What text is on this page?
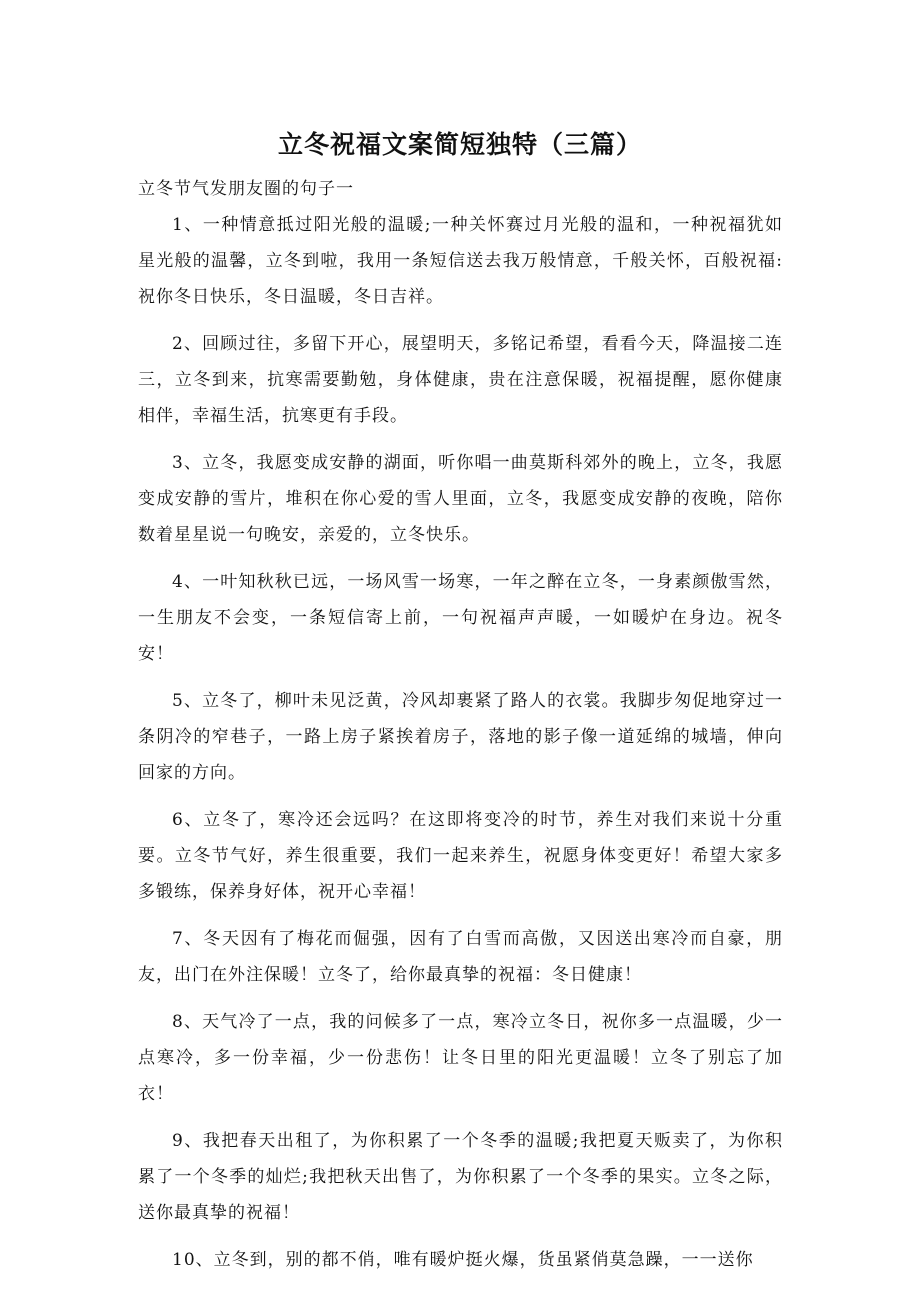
立冬祝福文案简短独特（三篇）

立冬节气发朋友圈的句子一

1、一种情意抵过阳光般的温暖;一种关怀赛过月光般的温和，一种祝福犹如星光般的温馨，立冬到啦，我用一条短信送去我万般情意，千般关怀，百般祝福:祝你冬日快乐，冬日温暖，冬日吉祥。

2、回顾过往，多留下开心，展望明天，多铭记希望，看看今天，降温接二连三，立冬到来，抗寒需要勤勉，身体健康，贵在注意保暖，祝福提醒，愿你健康相伴，幸福生活，抗寒更有手段。

3、立冬，我愿变成安静的湖面，听你唱一曲莫斯科郊外的晚上，立冬，我愿变成安静的雪片，堆积在你心爱的雪人里面，立冬，我愿变成安静的夜晚，陪你数着星星说一句晚安，亲爱的，立冬快乐。

4、一叶知秋秋已远，一场风雪一场寒，一年之醉在立冬，一身素颜傲雪然，一生朋友不会变，一条短信寄上前，一句祝福声声暖，一如暖炉在身边。祝冬安！

5、立冬了，柳叶未见泛黄，冷风却裹紧了路人的衣裳。我脚步匆促地穿过一条阴冷的窄巷子，一路上房子紧挨着房子，落地的影子像一道延绵的城墙，伸向回家的方向。

6、立冬了，寒冷还会远吗？在这即将变冷的时节，养生对我们来说十分重要。立冬节气好，养生很重要，我们一起来养生，祝愿身体变更好！希望大家多多锻练，保养身好体，祝开心幸福！

7、冬天因有了梅花而倔强，因有了白雪而高傲，又因送出寒冷而自豪，朋友，出门在外注保暖！立冬了，给你最真挚的祝福：冬日健康！

8、天气冷了一点，我的问候多了一点，寒冷立冬日，祝你多一点温暖，少一点寒冷，多一份幸福，少一份悲伤！让冬日里的阳光更温暖！立冬了别忘了加衣！

9、我把春天出租了，为你积累了一个冬季的温暖;我把夏天贩卖了，为你积累了一个冬季的灿烂;我把秋天出售了，为你积累了一个冬季的果实。立冬之际，送你最真挚的祝福！

10、立冬到，别的都不俏，唯有暖炉挺火爆，货虽紧俏莫急躁，一一送你
